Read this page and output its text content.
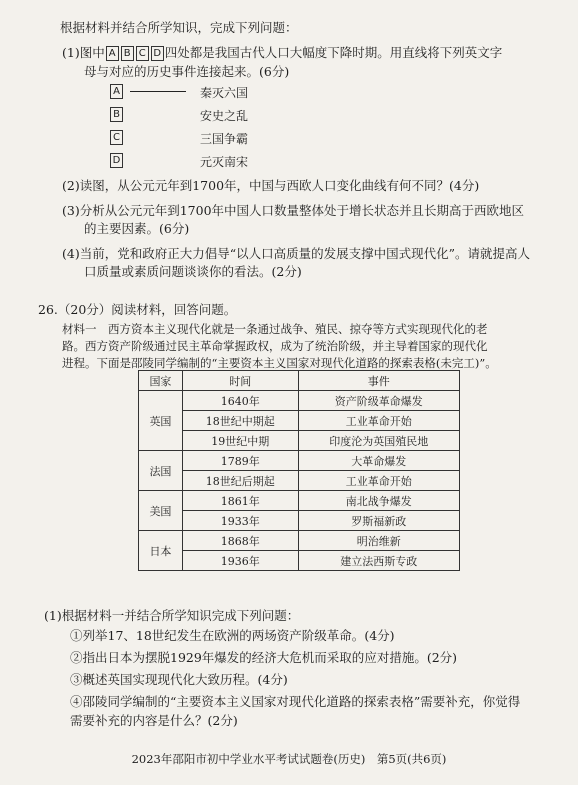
根据材料并结合所学知识，完成下列问题：
(1)图中 A B C D 四处都是我国古代人口大幅度下降时期。用直线将下列英文字
母与对应的历史事件连接起来。(6分)
A	秦灭六国
B	安史之乱
C	三国争霸
D	元灭南宋
(2)读图，从公元元年到1700年，中国与西欧人口变化曲线有何不同？(4分)
(3)分析从公元元年到1700年中国人口数量整体处于增长状态并且长期高于西欧地区
的主要因素。(6分)
(4)当前，党和政府正大力倡导“以人口高质量的发展支撑中国式现代化”。请就提高人
口质量或素质问题谈谈你的看法。(2分)
26.（20分）阅读材料，回答问题。
材料一　西方资本主义现代化就是一条通过战争、殖民、掠夺等方式实现现代化的老
路。西方资产阶级通过民主革命掌握政权，成为了统治阶级，并主导着国家的现代化
进程。下面是邵陵同学编制的“主要资本主义国家对现代化道路的探索表格(未完工)”。
国家	时间	事件
英国	1640年	资产阶级革命爆发
	18世纪中期起	工业革命开始
	19世纪中期	印度沦为英国殖民地
法国	1789年	大革命爆发
	18世纪后期起	工业革命开始
美国	1861年	南北战争爆发
	1933年	罗斯福新政
日本	1868年	明治维新
	1936年	建立法西斯专政
(1)根据材料一并结合所学知识完成下列问题：
①列举17、18世纪发生在欧洲的两场资产阶级革命。(4分)
②指出日本为摆脱1929年爆发的经济大危机而采取的应对措施。(2分)
③概述英国实现现代化大致历程。(4分)
④邵陵同学编制的“主要资本主义国家对现代化道路的探索表格”需要补充，你觉得
需要补充的内容是什么？(2分)
2023年邵阳市初中学业水平考试试题卷(历史)　第5页(共6页)
